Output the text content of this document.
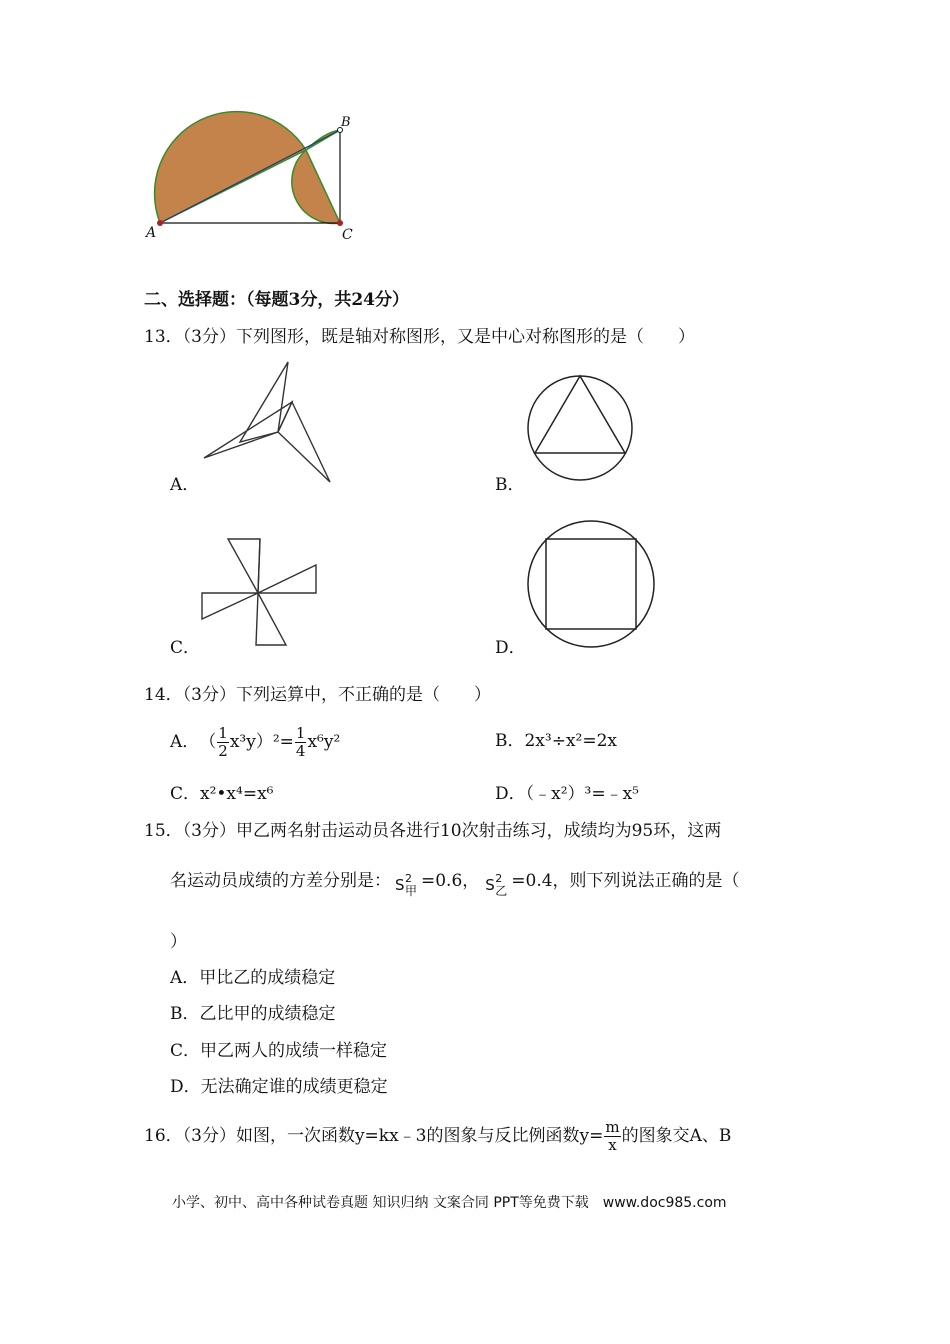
A	C
B
二、选择题：（每题3分，共24分）
13．（3分）下列图形，既是轴对称图形，又是中心对称图形的是（　　）
A．	B．
C．	D．
14．（3分）下列运算中，不正确的是（　　）
A． （ $\frac{1}{2} x^3y)^2= \frac{1}{4} x^6y^2$	B．2x³÷x²=2x
C．x²•x⁴=x⁶	D．（﹣x²）³=﹣x⁵
15．（3分）甲乙两名射击运动员各进行10次射击练习，成绩均为95环，这两
名运动员成绩的方差分别是： S 2
甲 =0.6， S 2
乙 =0.4，则下列说法正确的是（
）
A．甲比乙的成绩稳定
B．乙比甲的成绩稳定
C．甲乙两人的成绩一样稳定
D．无法确定谁的成绩更稳定
16．（3分）如图，一次函数y=kx﹣3的图象与反比例函数$y= \frac{m}{x}$ 的图象交A、B
小学、初中、高中各种试卷真题 知识归纳 文案合同 PPT等免费下载　www.doc985.com
